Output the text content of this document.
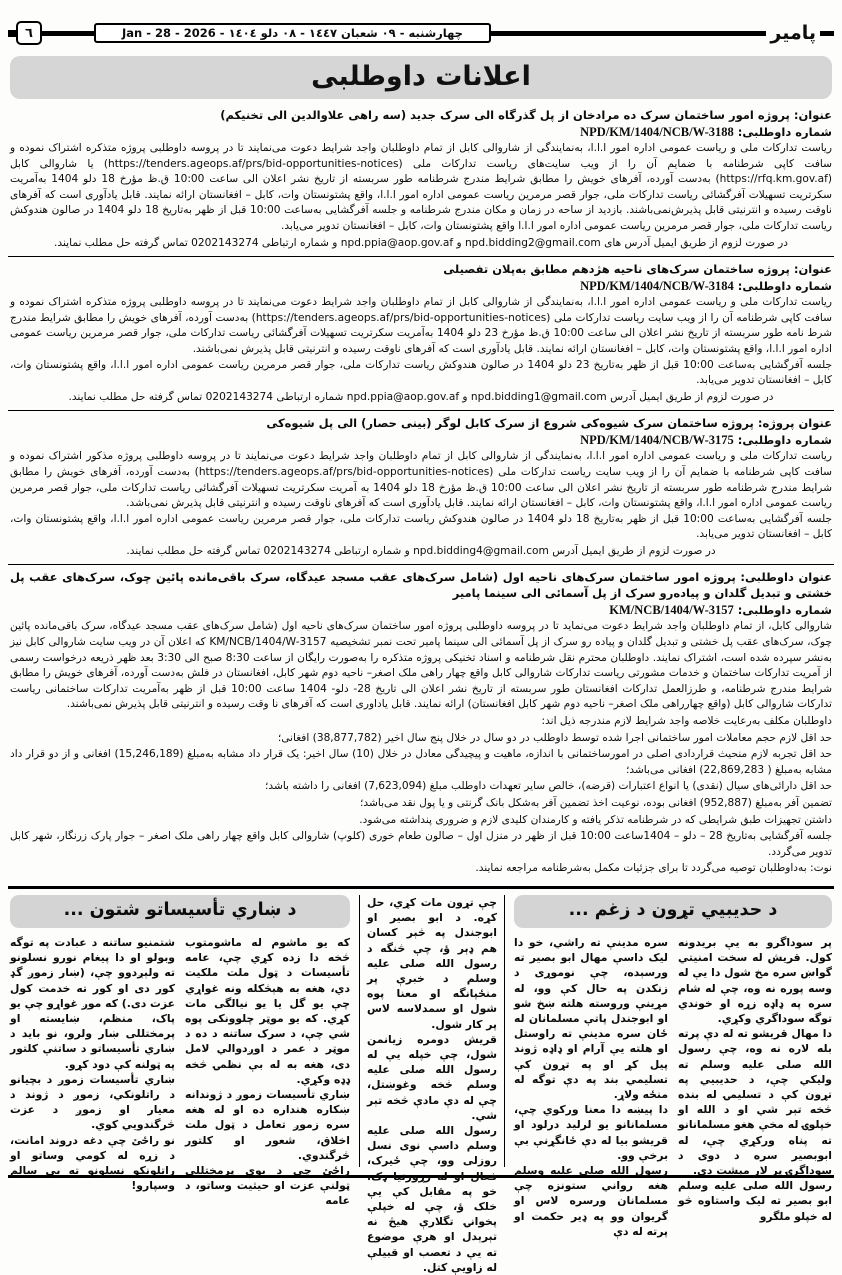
پامیر
چهارشنبه - ٠٩ شعبان ١٤٤٧ - ٠٨ دلو ١٤٠٤ - Jan - 28 - 2026
٦
اعلانات داوطلبی

عنوان: پروژه امور ساختمان سرک ده مرادخان از پل گذرگاه الی سرک جدید (سه راهی علاوالدین الی تخنیکم)

شماره داوطلبی: NPD/KM/1404/NCB/W-3188

ریاست تدارکات ملی و ریاست عمومی اداره امور ا.ا.ا، به‌نمایندگی از شاروالی کابل از تمام داوطلبان واجد شرایط دعوت می‌نمایند تا در پروسه داوطلبی پروژه متذکره اشتراک نموده و سافت کاپی شرطنامه با ضمایم آن را از ویب سایت‌های ریاست تدارکات ملی (https://tenders.ageops.af/prs/bid-opportunities-notices) یا شاروالی کابل (https://rfq.km.gov.af) به‌دست آورده، آفرهای خویش را مطابق شرایط مندرج شرطنامه طور سربسته از تاریخ نشر اعلان الی ساعت 10:00 ق.ظ مؤرخ 18 دلو 1404 به‌آمریت سکرتریت تسهیلات آفرگشائی ریاست تدارکات ملی، جوار قصر مرمرین ریاست عمومی اداره امور ا.ا.ا، واقع پشتونستان وات، کابل – افغانستان ارائه نمایند. قابل یادآوری است که آفرهای ناوقت رسیده و انترنیتی قابل پذیرش‌نمی‌باشند. بازدید از ساحه در زمان و مکان مندرج شرطنامه و جلسه آفرگشایی به‌ساعت 10:00 قبل از ظهر به‌تاریخ 18 دلو 1404 در صالون هندوکش ریاست تدارکات ملی، جوار قصر مرمرین ریاست عمومی اداره امور ا.ا.ا واقع پشتونستان وات، کابل – افغانستان تدویر می‌یابد.

در صورت لزوم از طریق ایمیل آدرس های npd.bidding2@gmail.com و npd.ppia@aop.gov.af و شماره ارتباطی 0202143274 تماس گرفته حل مطلب نمایند.

عنوان: پروژه ساختمان سرک‌های ناحیه هژدهم مطابق به‌پلان تفصیلی

شماره داوطلبی: NPD/KM/1404/NCB/W-3184

ریاست تدارکات ملی و ریاست عمومی اداره امور ا.ا.ا، به‌نمایندگی از شاروالی کابل از تمام داوطلبان واجد شرایط دعوت می‌نمایند تا در پروسه داوطلبی پروژه متذکره اشتراک نموده و سافت کاپی شرطنامه آن را از ویب سایت ریاست تدارکات ملی (https://tenders.ageops.af/prs/bid-opportunities-notices) به‌دست آورده، آفرهای خویش را مطابق شرایط مندرج شرط نامه طور سربسته از تاریخ نشر اعلان الی ساعت 10:00 ق.ظ مؤرخ 23 دلو 1404 به‌آمریت سکرتریت تسهیلات آفرگشائی ریاست تدارکات ملی، جوار قصر مرمرین ریاست عمومی اداره امور ا.ا.ا، واقع پشتونستان وات، کابل – افغانستان ارائه نمایند. قابل یادآوری است که آفرهای ناوقت رسیده و انترنیتی قابل پذیرش نمی‌باشند.
جلسه آفرگشایی به‌ساعت 10:00 قبل از ظهر به‌تاریخ 23 دلو 1404 در صالون هندوکش ریاست تدارکات ملی، جوار قصر مرمرین ریاست عمومی اداره امور ا.ا.ا، واقع پشتونستان وات، کابل – افغانستان تدویر می‌یابد.

در صورت لزوم از طریق ایمیل آدرس npd.bidding1@gmail.com و npd.ppia@aop.gov.af شماره ارتباطی 0202143274 تماس گرفته حل مطلب نمایند.

عنوان پروژه: پروژه ساختمان سرک شیوه‌کی شروع از سرک کابل لوگر (بینی حصار) الی پل شیوه‌کی

شماره داوطلبی: NPD/KM/1404/NCB/W-3175

ریاست تدارکات ملی و ریاست عمومی اداره امور ا.ا.ا، به‌نمایندگی از شاروالی کابل از تمام داوطلبان واجد شرایط دعوت می‌نمایند تا در پروسه داوطلبی پروژه مذکور اشتراک نموده و سافت کاپی شرطنامه با ضمایم آن را از ویب سایت ریاست تدارکات ملی (https://tenders.ageops.af/prs/bid-opportunities-notices) به‌دست آورده، آفرهای خویش را مطابق شرایط مندرج شرطنامه طور سربسته از تاریخ نشر اعلان الی ساعت 10:00 ق.ظ مؤرخ 18 دلو 1404 به آمریت سکرتریت تسهیلات آفرگشائی ریاست تدارکات ملی، جوار قصر مرمرین ریاست عمومی اداره امور ا.ا.ا، واقع پشتونستان وات، کابل – افغانستان ارائه نمایند. قابل یادآوری است که آفرهای ناوقت رسیده و انترنیتی قابل پذیرش نمی‌باشد.
جلسه آفرگشایی به‌ساعت 10:00 قبل از ظهر به‌تاریخ 18 دلو 1404 در صالون هندوکش ریاست تدارکات ملی، جوار قصر مرمرین ریاست عمومی اداره امور ا.ا.ا، واقع پشتونستان وات، کابل – افغانستان تدویر می‌یابد.

در صورت لزوم از طریق ایمیل آدرس npd.bidding4@gmail.com و شماره ارتباطی 0202143274 تماس گرفته حل مطلب نمایند.

عنوان داوطلبی: پروژه امور ساختمان سرک‌های ناحیه اول (شامل سرک‌های عقب مسجد عیدگاه، سرک باقی‌مانده پائین چوک، سرک‌های عقب پل خشتی و تبدیل گلدان و پیاده‌رو سرک از پل آسمائی الی سینما پامیر

شماره داوطلبی: KM/NCB/1404/W-3157

شاروالی کابل، از تمام داوطلبان واجد شرایط دعوت می‌نماید تا در پروسه داوطلبی پروژه امور ساختمان سرک‌های ناحیه اول (شامل سرک‌های عقب مسجد عیدگاه، سرک باقی‌مانده پائین چوک، سرک‌های عقب پل خشتی و تبدیل گلدان و پیاده رو سرک از پل آسمائی الی سینما پامیر تحت نمبر تشخیصیه KM/NCB/1404/W-3157 که اعلان آن در ویب سایت شاروالی کابل نیز به‌نشر سپرده شده است، اشتراک نمایند. داوطلبان محترم نقل شرطنامه و اسناد تخنیکی پروژه متذکره را به‌صورت رایگان از ساعت 8:30 صبح الی 3:30 بعد ظهر ذریعه درخواست رسمی از آمریت تدارکات ساختمان و خدمات مشورتی ریاست تدارکات شاروالی کابل واقع چهار راهی ملک اصغر– ناحیه دوم شهر کابل، افغانستان در فلش به‌دست آورده، آفرهای خویش را مطابق شرایط مندرج شرطنامه، و طرزالعمل تدارکات افغانستان طور سربسته از تاریخ نشر اعلان الی تاریخ 28- دلو- 1404 ساعت 10:00 قبل از ظهر به‌آمریت تدارکات ساختمانی ریاست تدارکات شاروالی کابل (واقع چهارراهی ملک اصغر– ناحیه دوم شهر کابل افغانستان) ارائه نمایند. قابل یاداوری است که آفرهای نا وقت رسیده و انترنیتی قابل پذیرش نمی‌باشند.

داوطلبان مکلف به‌رعایت خلاصه واجد شرایط لازم مندرجه ذیل اند:

حد اقل لازم حجم معاملات امور ساختمانی اجرا شده توسط داوطلب در دو سال در خلال پنج سال اخیر (38,877,782) افغانی؛

حد اقل تجربه لازم منحیث قراردادی اصلی در امورساختمانی با اندازه، ماهیت و پیچیدگی معادل در خلال (10) سال اخیر: یک قرار داد مشابه به‌مبلغ (15,246,189) افغانی و از دو قرار داد مشابه به‌مبلغ ( 22,869,283) افغانی می‌باشد؛

حد اقل دارائی‌های سیال (نقدی) یا انواع اعتبارات (قرضه)، خالص سایر تعهدات داوطلب مبلغ (7,623,094) افغانی را داشته باشد؛

تضمین آفر به‌مبلغ (952,887) افغانی بوده، نوعیت اخذ تضمین آفر به‌شکل بانک گرنتی و یا پول نقد می‌باشد؛

داشتن تجهیزات طبق شرایطی که در شرطنامه تذکر یافته و کارمندان کلیدی لازم و ضروری پنداشته می‌شود.

جلسه آفرگشایی به‌تاریخ 28 – دلو – 1404ساعت 10:00 قبل از ظهر در منزل اول – صالون طعام خوری (کلوپ) شاروالی کابل واقع چهار راهی ملک اصغر – جوار پارک زرنگار، شهر کابل تدویر می‌گردد.

نوت: به‌داوطلبان توصیه می‌گردد تا برای جزئیات مکمل به‌شرطنامه مراجعه نمایند.

د حدیبیي تړون د زغم ...
پر سوداگرو به یې بریدونه کول. قریش له سخت امنیتي گواښ سره مخ شول دا یې له وسه پوره نه وه، چې له شام سره په ډاډه زړه او خوندي توگه سوداگري وکړي.
دا مهال قریشو ته له دې پرته بله لاره نه وه، چې رسول الله صلی علیه وسلم ته ولیکي چې، د حدیبیي په تړون کې د تسلیمۍ له بنده څخه تېر شي او د الله او خپلوۍ له مخې هغو مسلمانانو ته پناه ورکړي چې، له ابوبصیر سره د دوی د سوداگرۍ پر لار مېشت دي.
رسول الله صلی علیه وسلم ابو بصیر ته لیک واستاوه څو له خپلو ملگرو
سره مدینې ته راشي، خو دا لیک داسې مهال ابو بصیر ته ورسېده، چې نوموړی د زنکدن په حال کې وو، له مړینې وروسته هلته ښخ شو او ابوجندل پاتې مسلمانان له ځان سره مدینې ته راوستل او هلته یې آرام او ډاډه ژوند پیل کړ او په تړون کې تسلیمي بند په دې توگه له منځه ولاړ.
دا پیښه دا معنا ورکوي چې، مسلمانانو یو لرلید درلود او قریشو بیا له دې ځانگړنې بې برخې وو.
رسول الله صلی علیه وسلم هغه رواني ستونزه چې مسلمانان ورسره لاس او گریوان وو په ډیر حکمت او پرته له دې
چې تړون مات کړي، حل کړه. د ابو بصیر او ابوجندل په څېر کسان هم ډېر ؤ، چې څنگه د رسول الله صلی علیه وسلم د خبرې پر منځپانگه او معنا پوه شول او سمدلاسه لاس پر کار شول.
قریش دومره زیانمن شول، چې خپله یې له رسول الله صلی علیه وسلم څخه وغوښتل، چې له دې مادې څخه تېر شي.
رسول الله صلی علیه وسلم داسې نوی نسل روزلی وو، چې ځیرک، فعال او له زړورتیا ډک، خو په مقابل کې یې خلک ؤ، چې له خپلې پخوانۍ تگلارې هیڅ نه تېرېدل او هرې موضوع ته یې د تعصب او قبیلې له زاویې کتل.
د ښاري تأسیساتو شتون ...
که یو ماشوم له ماشومتوب څخه دا زده کړي چې، عامه تأسیسات د ټول ملت ملکیت دي، هغه به هېڅکله ونه غواړي چې یو گل یا یو نیالگی مات کړي. که یو موټر چلوونکی پوه شي چې، د سرک ساتنه د ده د موټر د عمر د اوږدوالي لامل دی، هغه به له بې نظمۍ څخه ډډه وکړي.
ښاري تأسیسات زموږ د ژوندانه ښکاره هنداره ده او له هغه سره زموږ تعامل د ټول ملت اخلاق، شعور او کلتور څرگندوي.
راځئ چې د یوې پرمختللې ټولنې عزت او حیثیت وساتو، د عامه
شتمنیو ساتنه د عبادت په توگه وبولو او دا پیغام نورو نسلونو ته ولېږدوو چې، (ښار زموږ گډ کور دی او کور ته خدمت کول عزت دی.) که موږ غواړو چې یو پاک، منظم، ښایسته او پرمختللی ښار ولرو، نو باید د ښاري تأسیساتو د ساتنې کلتور په ټولنه کې دود کړو.
ښاري تأسیسات زموږ د بچیانو د راتلونکي، زموږ د ژوند د معیار او زموږ د عزت څرگندویي کوي.
نو راځئ چې دغه دروند امانت، د زړه له کومي وساتو او راتلونکو نسلونو ته یې سالم وسپارو!
